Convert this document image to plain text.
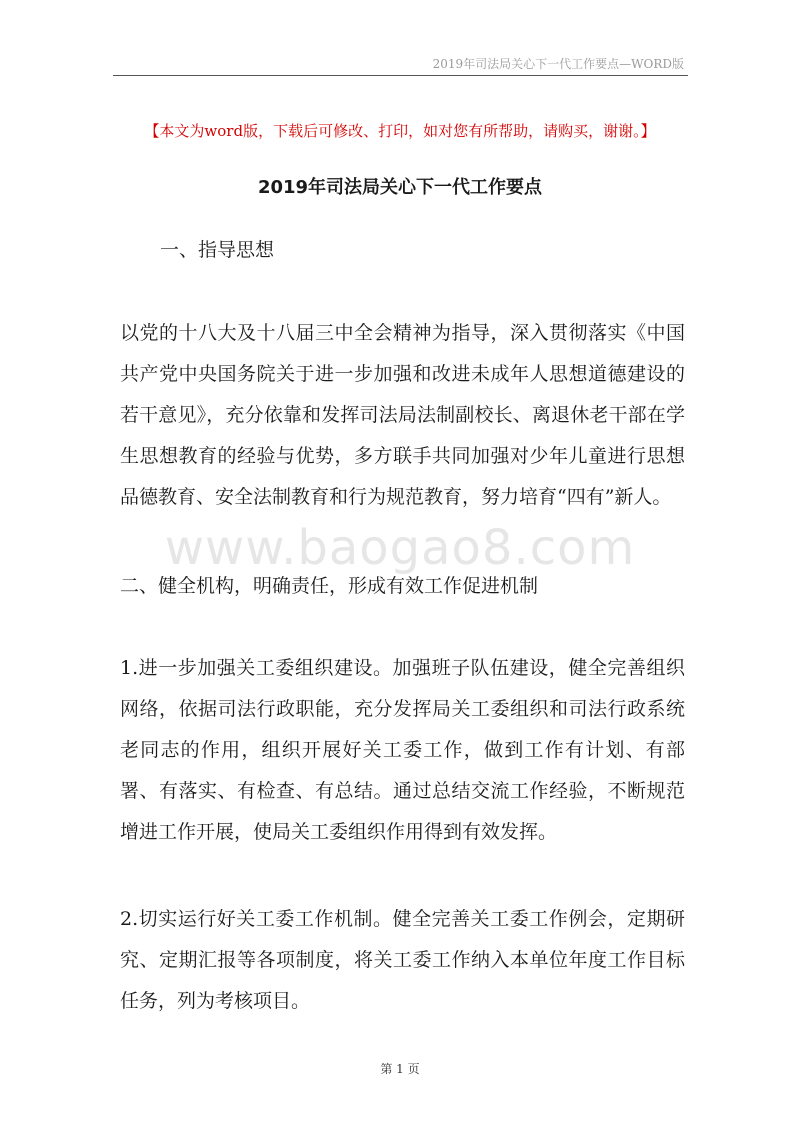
2019年司法局关心下一代工作要点—WORD版
【本文为word版，下载后可修改、打印，如对您有所帮助，请购买，谢谢。】
2019年司法局关心下一代工作要点
一、指导思想
以党的十八大及十八届三中全会精神为指导，深入贯彻落实《中国共产党中央国务院关于进一步加强和改进未成年人思想道德建设的若干意见》，充分依靠和发挥司法局法制副校长、离退休老干部在学生思想教育的经验与优势，多方联手共同加强对少年儿童进行思想品德教育、安全法制教育和行为规范教育，努力培育“四有”新人。
www.baogao8.com
二、健全机构，明确责任，形成有效工作促进机制
1.进一步加强关工委组织建设。加强班子队伍建设，健全完善组织网络，依据司法行政职能，充分发挥局关工委组织和司法行政系统老同志的作用，组织开展好关工委工作，做到工作有计划、有部署、有落实、有检查、有总结。通过总结交流工作经验，不断规范增进工作开展，使局关工委组织作用得到有效发挥。
2.切实运行好关工委工作机制。健全完善关工委工作例会，定期研究、定期汇报等各项制度，将关工委工作纳入本单位年度工作目标任务，列为考核项目。
第 1 页
